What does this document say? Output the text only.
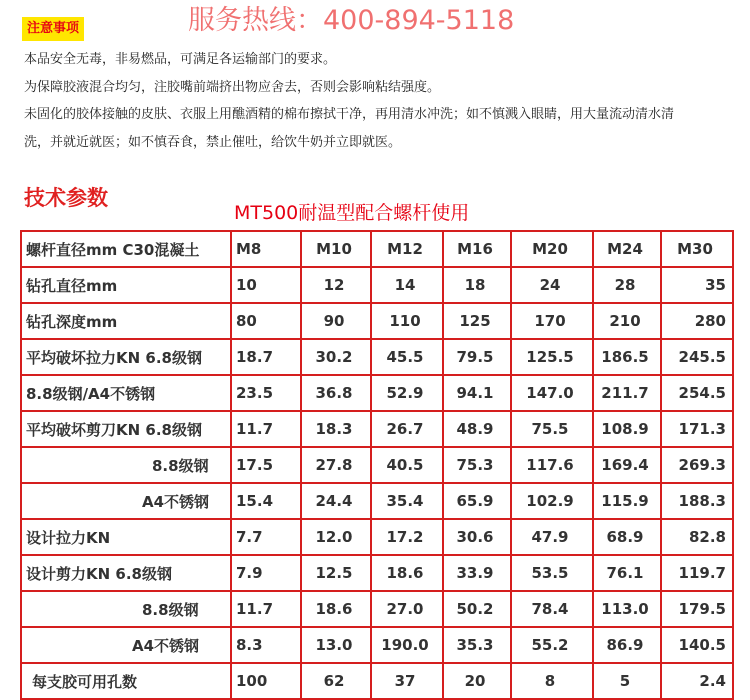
注意事项	服务热线：400-894-5118

本品安全无毒，非易燃品，可满足各运输部门的要求。

为保障胶液混合均匀，注胶嘴前端挤出物应舍去，否则会影响粘结强度。

未固化的胶体接触的皮肤、衣服上用醮酒精的棉布擦拭干净，再用清水冲洗；如不慎溅入眼睛，用大量流动清水清

洗，并就近就医；如不慎吞食，禁止催吐，给饮牛奶并立即就医。

技术参数
MT500耐温型配合螺杆使用
螺杆直径mm C30混凝土	M8	M10	M12	M16	M20	M24	M30
钻孔直径mm	10	12	14	18	24	28	35
钻孔深度mm	80	90	110	125	170	210	280
平均破坏拉力KN 6.8级钢	18.7	30.2	45.5	79.5	125.5	186.5	245.5
8.8级钢/A4不锈钢	23.5	36.8	52.9	94.1	147.0	211.7	254.5
平均破坏剪刀KN 6.8级钢	11.7	18.3	26.7	48.9	75.5	108.9	171.3
8.8级钢	17.5	27.8	40.5	75.3	117.6	169.4	269.3
A4不锈钢	15.4	24.4	35.4	65.9	102.9	115.9	188.3
设计拉力KN	7.7	12.0	17.2	30.6	47.9	68.9	82.8
设计剪力KN 6.8级钢	7.9	12.5	18.6	33.9	53.5	76.1	119.7
8.8级钢	11.7	18.6	27.0	50.2	78.4	113.0	179.5
A4不锈钢	8.3	13.0	190.0	35.3	55.2	86.9	140.5
每支胶可用孔数	100	62	37	20	8	5	2.4
